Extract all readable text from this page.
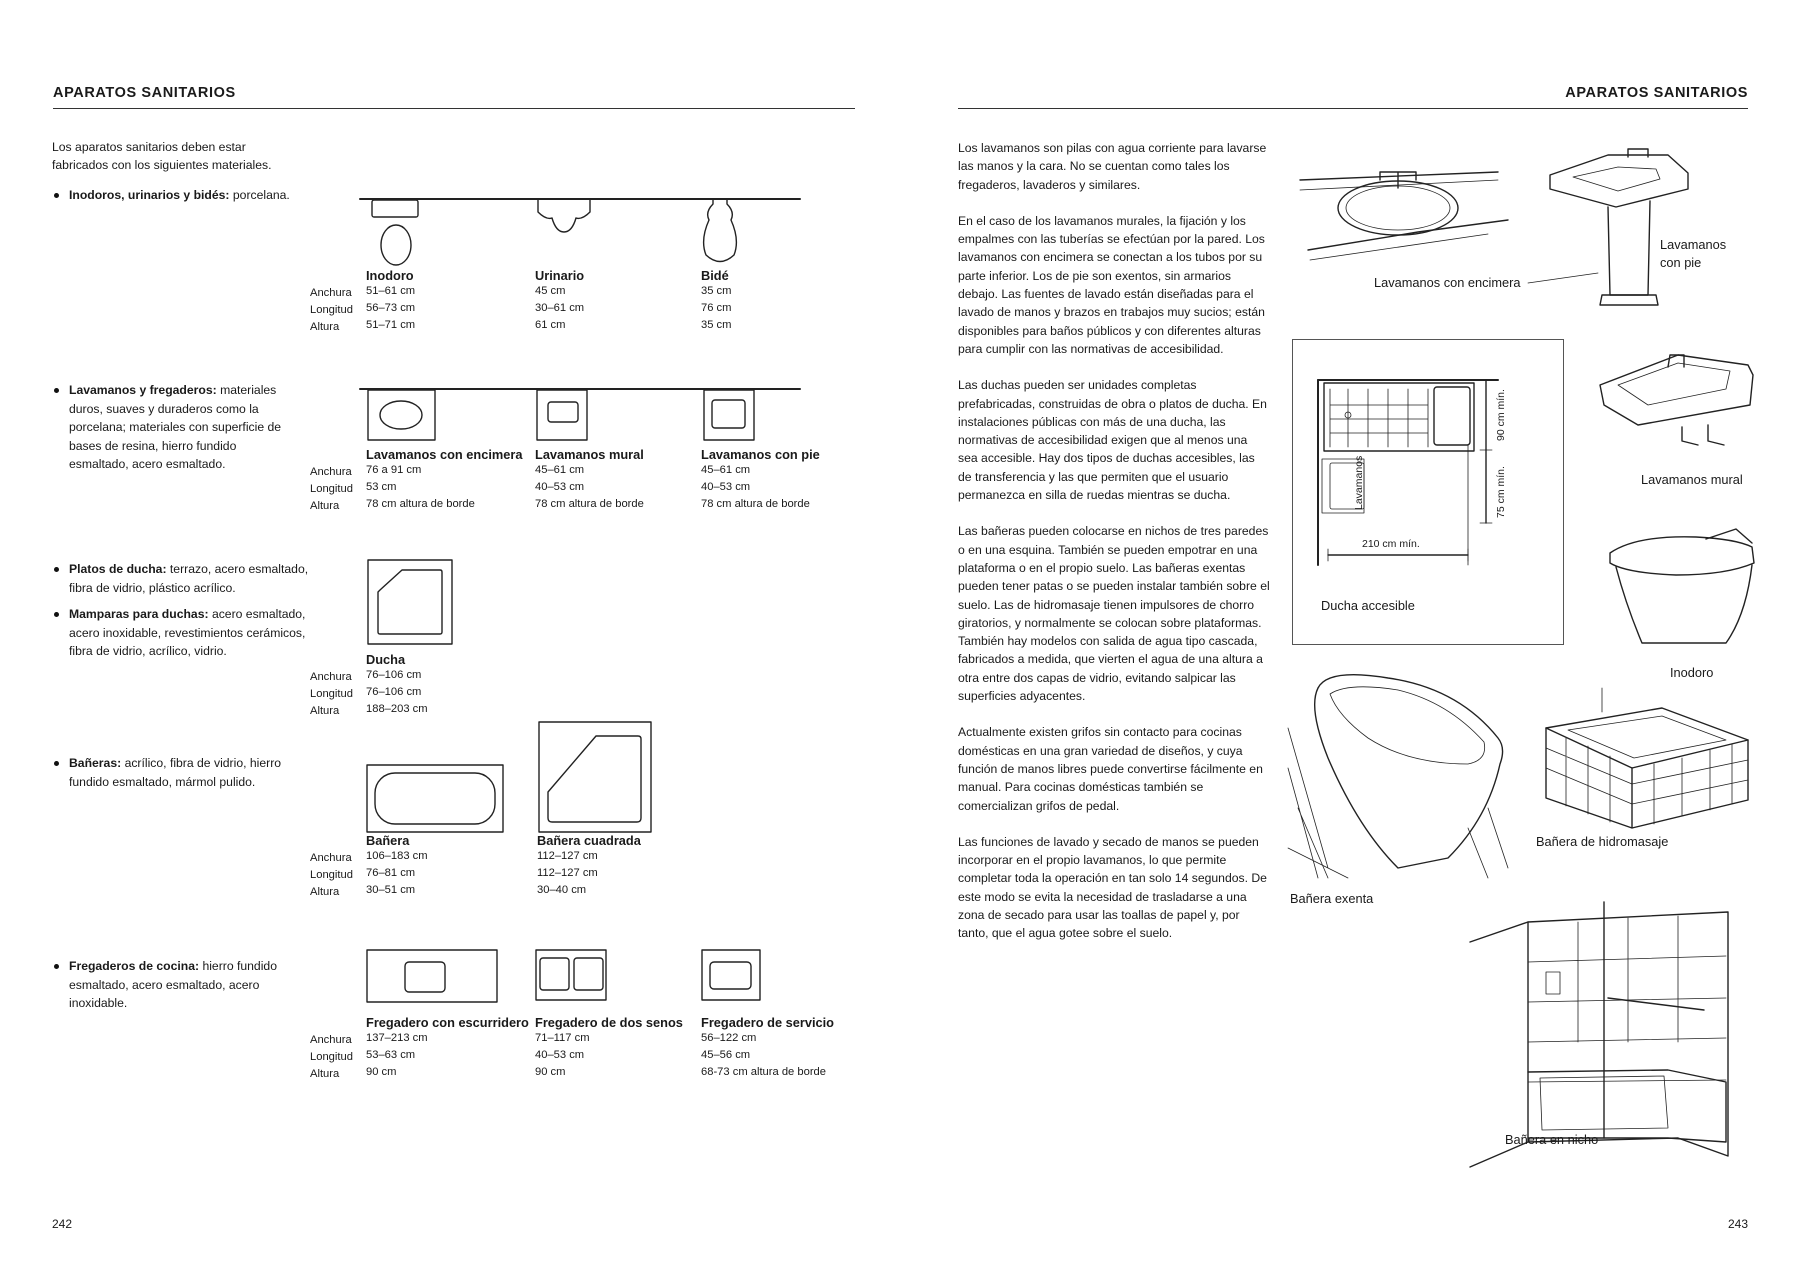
APARATOS SANITARIOS
Los aparatos sanitarios deben estar fabricados con los siguientes materiales.
Inodoros, urinarios y bidés: porcelana.
Lavamanos y fregaderos: materiales duros, suaves y duraderos como la porcelana; materiales con superficie de bases de resina, hierro fundido esmaltado, acero esmaltado.
Platos de ducha: terrazo, acero esmaltado, fibra de vidrio, plástico acrílico.
Mamparas para duchas: acero esmaltado, acero inoxidable, revestimientos cerámicos, fibra de vidrio, acrílico, vidrio.
Bañeras: acrílico, fibra de vidrio, hierro fundido esmaltado, mármol pulido.
Fregaderos de cocina: hierro fundido esmaltado, acero esmaltado, acero inoxidable.
Anchura
Longitud
Altura
Inodoro
51–61 cm
56–73 cm
51–71 cm
Urinario
45 cm
30–61 cm
61 cm
Bidé
35 cm
76 cm
35 cm
Anchura
Longitud
Altura
Lavamanos con encimera
76 a 91 cm
53 cm
78 cm altura de borde
Lavamanos mural
45–61 cm
40–53 cm
78 cm altura de borde
Lavamanos con pie
45–61 cm
40–53 cm
78 cm altura de borde
Anchura
Longitud
Altura
Ducha
76–106 cm
76–106 cm
188–203 cm
Anchura
Longitud
Altura
Bañera
106–183 cm
76–81 cm
30–51 cm
Bañera cuadrada
112–127 cm
112–127 cm
30–40 cm
Anchura
Longitud
Altura
Fregadero con escurridero
137–213 cm
53–63 cm
90 cm
Fregadero de dos senos
71–117 cm
40–53 cm
90 cm
Fregadero de servicio
56–122 cm
45–56 cm
68-73 cm altura de borde
242
APARATOS SANITARIOS

Los lavamanos son pilas con agua corriente para lavarse las manos y la cara. No se cuentan como tales los fregaderos, lavaderos y similares.

En el caso de los lavamanos murales, la fijación y los empalmes con las tuberías se efectúan por la pared. Los lavamanos con encimera se conectan a los tubos por su parte inferior. Los de pie son exentos, sin armarios debajo. Las fuentes de lavado están diseñadas para el lavado de manos y brazos en trabajos muy sucios; están disponibles para baños públicos y con diferentes alturas para cumplir con las normativas de accesibilidad.

Las duchas pueden ser unidades completas prefabricadas, construidas de obra o platos de ducha. En instalaciones públicas con más de una ducha, las normativas de accesibilidad exigen que al menos una sea accesible. Hay dos tipos de duchas accesibles, las de transferencia y las que permiten que el usuario permanezca en silla de ruedas mientras se ducha.

Las bañeras pueden colocarse en nichos de tres paredes o en una esquina. También se pueden empotrar en una plataforma o en el propio suelo. Las bañeras exentas pueden tener patas o se pueden instalar también sobre el suelo. Las de hidromasaje tienen impulsores de chorro giratorios, y normalmente se colocan sobre plataformas. También hay modelos con salida de agua tipo cascada, fabricados a medida, que vierten el agua de una altura a otra entre dos capas de vidrio, evitando salpicar las superficies adyacentes.

Actualmente existen grifos sin contacto para cocinas domésticas en una gran variedad de diseños, y cuya función de manos libres puede convertirse fácilmente en manual. Para cocinas domésticas también se comercializan grifos de pedal.

Las funciones de lavado y secado de manos se pueden incorporar en el propio lavamanos, lo que permite completar toda la operación en tan solo 14 segundos. De este modo se evita la necesidad de trasladarse a una zona de secado para usar las toallas de papel y, por tanto, que el agua gotee sobre el suelo.

Lavamanos con encimera
Lavamanos con pie
90 cm mín.
75 cm mín.
Lavamanos
210 cm mín.
Ducha accesible
Lavamanos mural
Inodoro
Bañera exenta
Bañera de hidromasaje
Bañera en nicho
243
